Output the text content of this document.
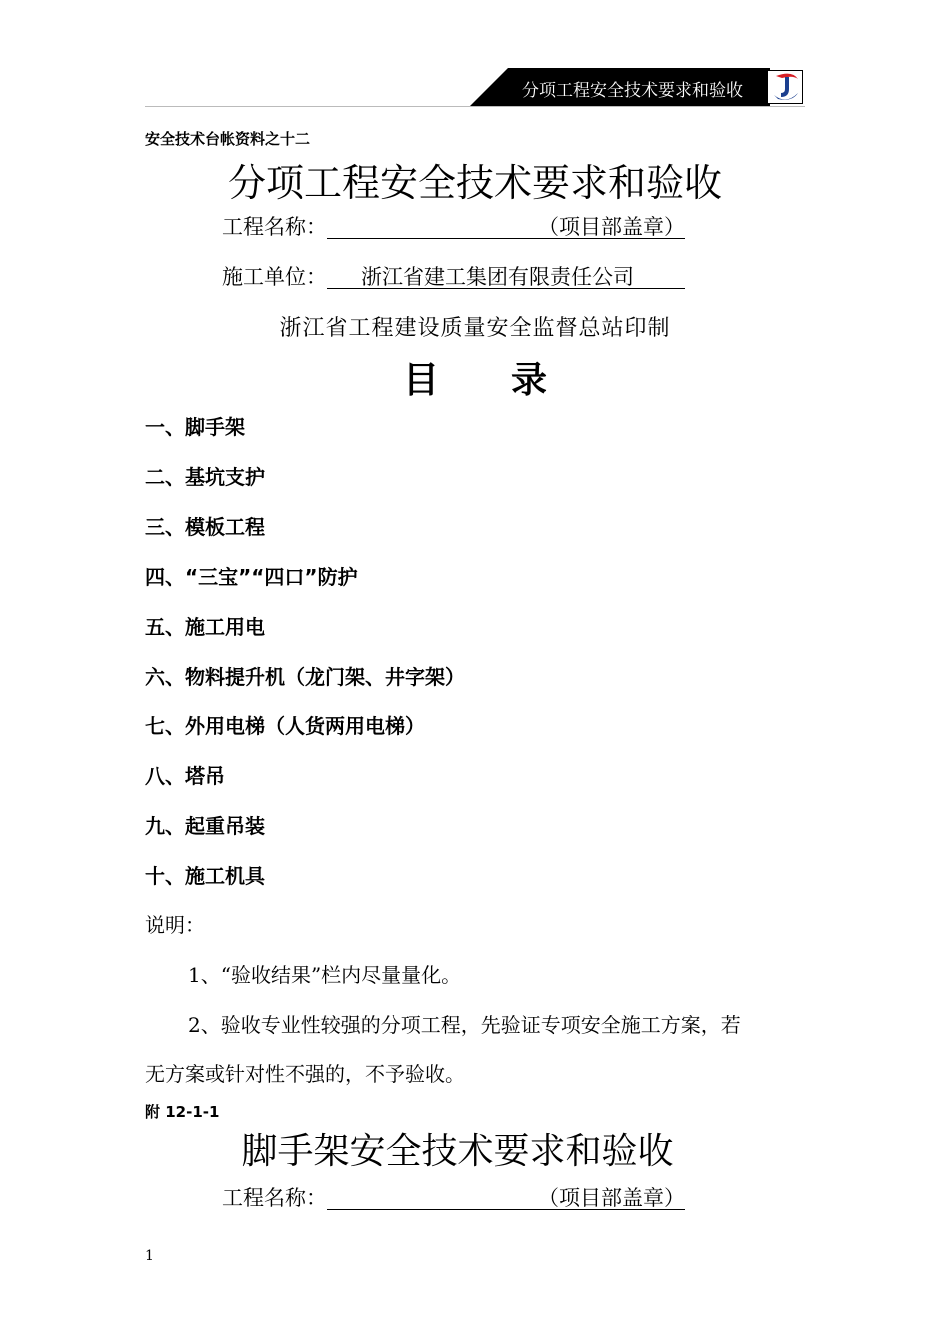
分项工程安全技术要求和验收
安全技术台帐资料之十二
分项工程安全技术要求和验收
工程名称：	（项目部盖章）
施工单位： 浙江省建工集团有限责任公司
浙江省工程建设质量安全监督总站印制
目　　录
一、脚手架
二、基坑支护
三、模板工程
四、“三宝”“四口”防护
五、施工用电
六、物料提升机（龙门架、井字架）
七、外用电梯（人货两用电梯）
八、塔吊
九、起重吊装
十、施工机具
说明：
1、“验收结果”栏内尽量量化。
2、验收专业性较强的分项工程，先验证专项安全施工方案，若
无方案或针对性不强的，不予验收。
附 12-1-1
脚手架安全技术要求和验收
工程名称：	（项目部盖章）
1
